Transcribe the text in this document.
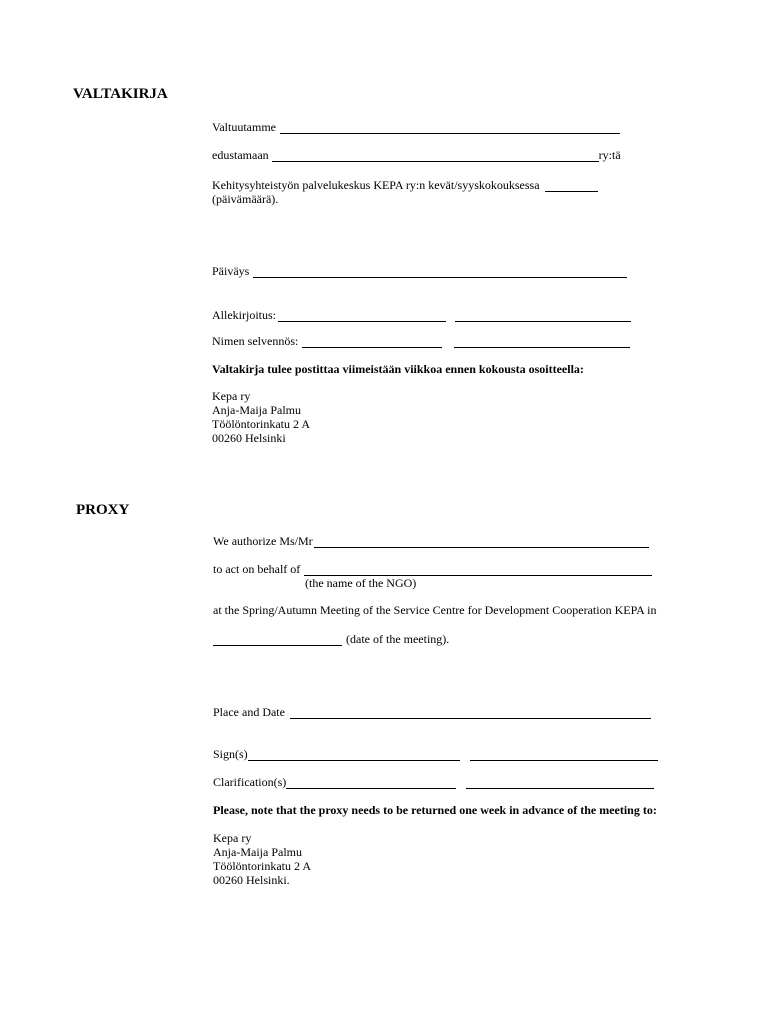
VALTAKIRJA
Valtuutamme
edustamaan	ry:tä
Kehitysyhteistyön palvelukeskus KEPA ry:n kevät/syyskokouksessa
(päivämäärä).
Päiväys
Allekirjoitus:
Nimen selvennös:
Valtakirja tulee postittaa viimeistään viikkoa ennen kokousta osoitteella:
Kepa ry
Anja-Maija Palmu
Töölöntorinkatu 2 A
00260 Helsinki
PROXY
We authorize Ms/Mr
to act on behalf of
(the name of the NGO)
at the Spring/Autumn Meeting of the Service Centre for Development Cooperation KEPA in
(date of the meeting).
Place and Date
Sign(s)
Clarification(s)
Please, note that the proxy needs to be returned one week in advance of the meeting to:
Kepa ry
Anja-Maija Palmu
Töölöntorinkatu 2 A
00260 Helsinki.
